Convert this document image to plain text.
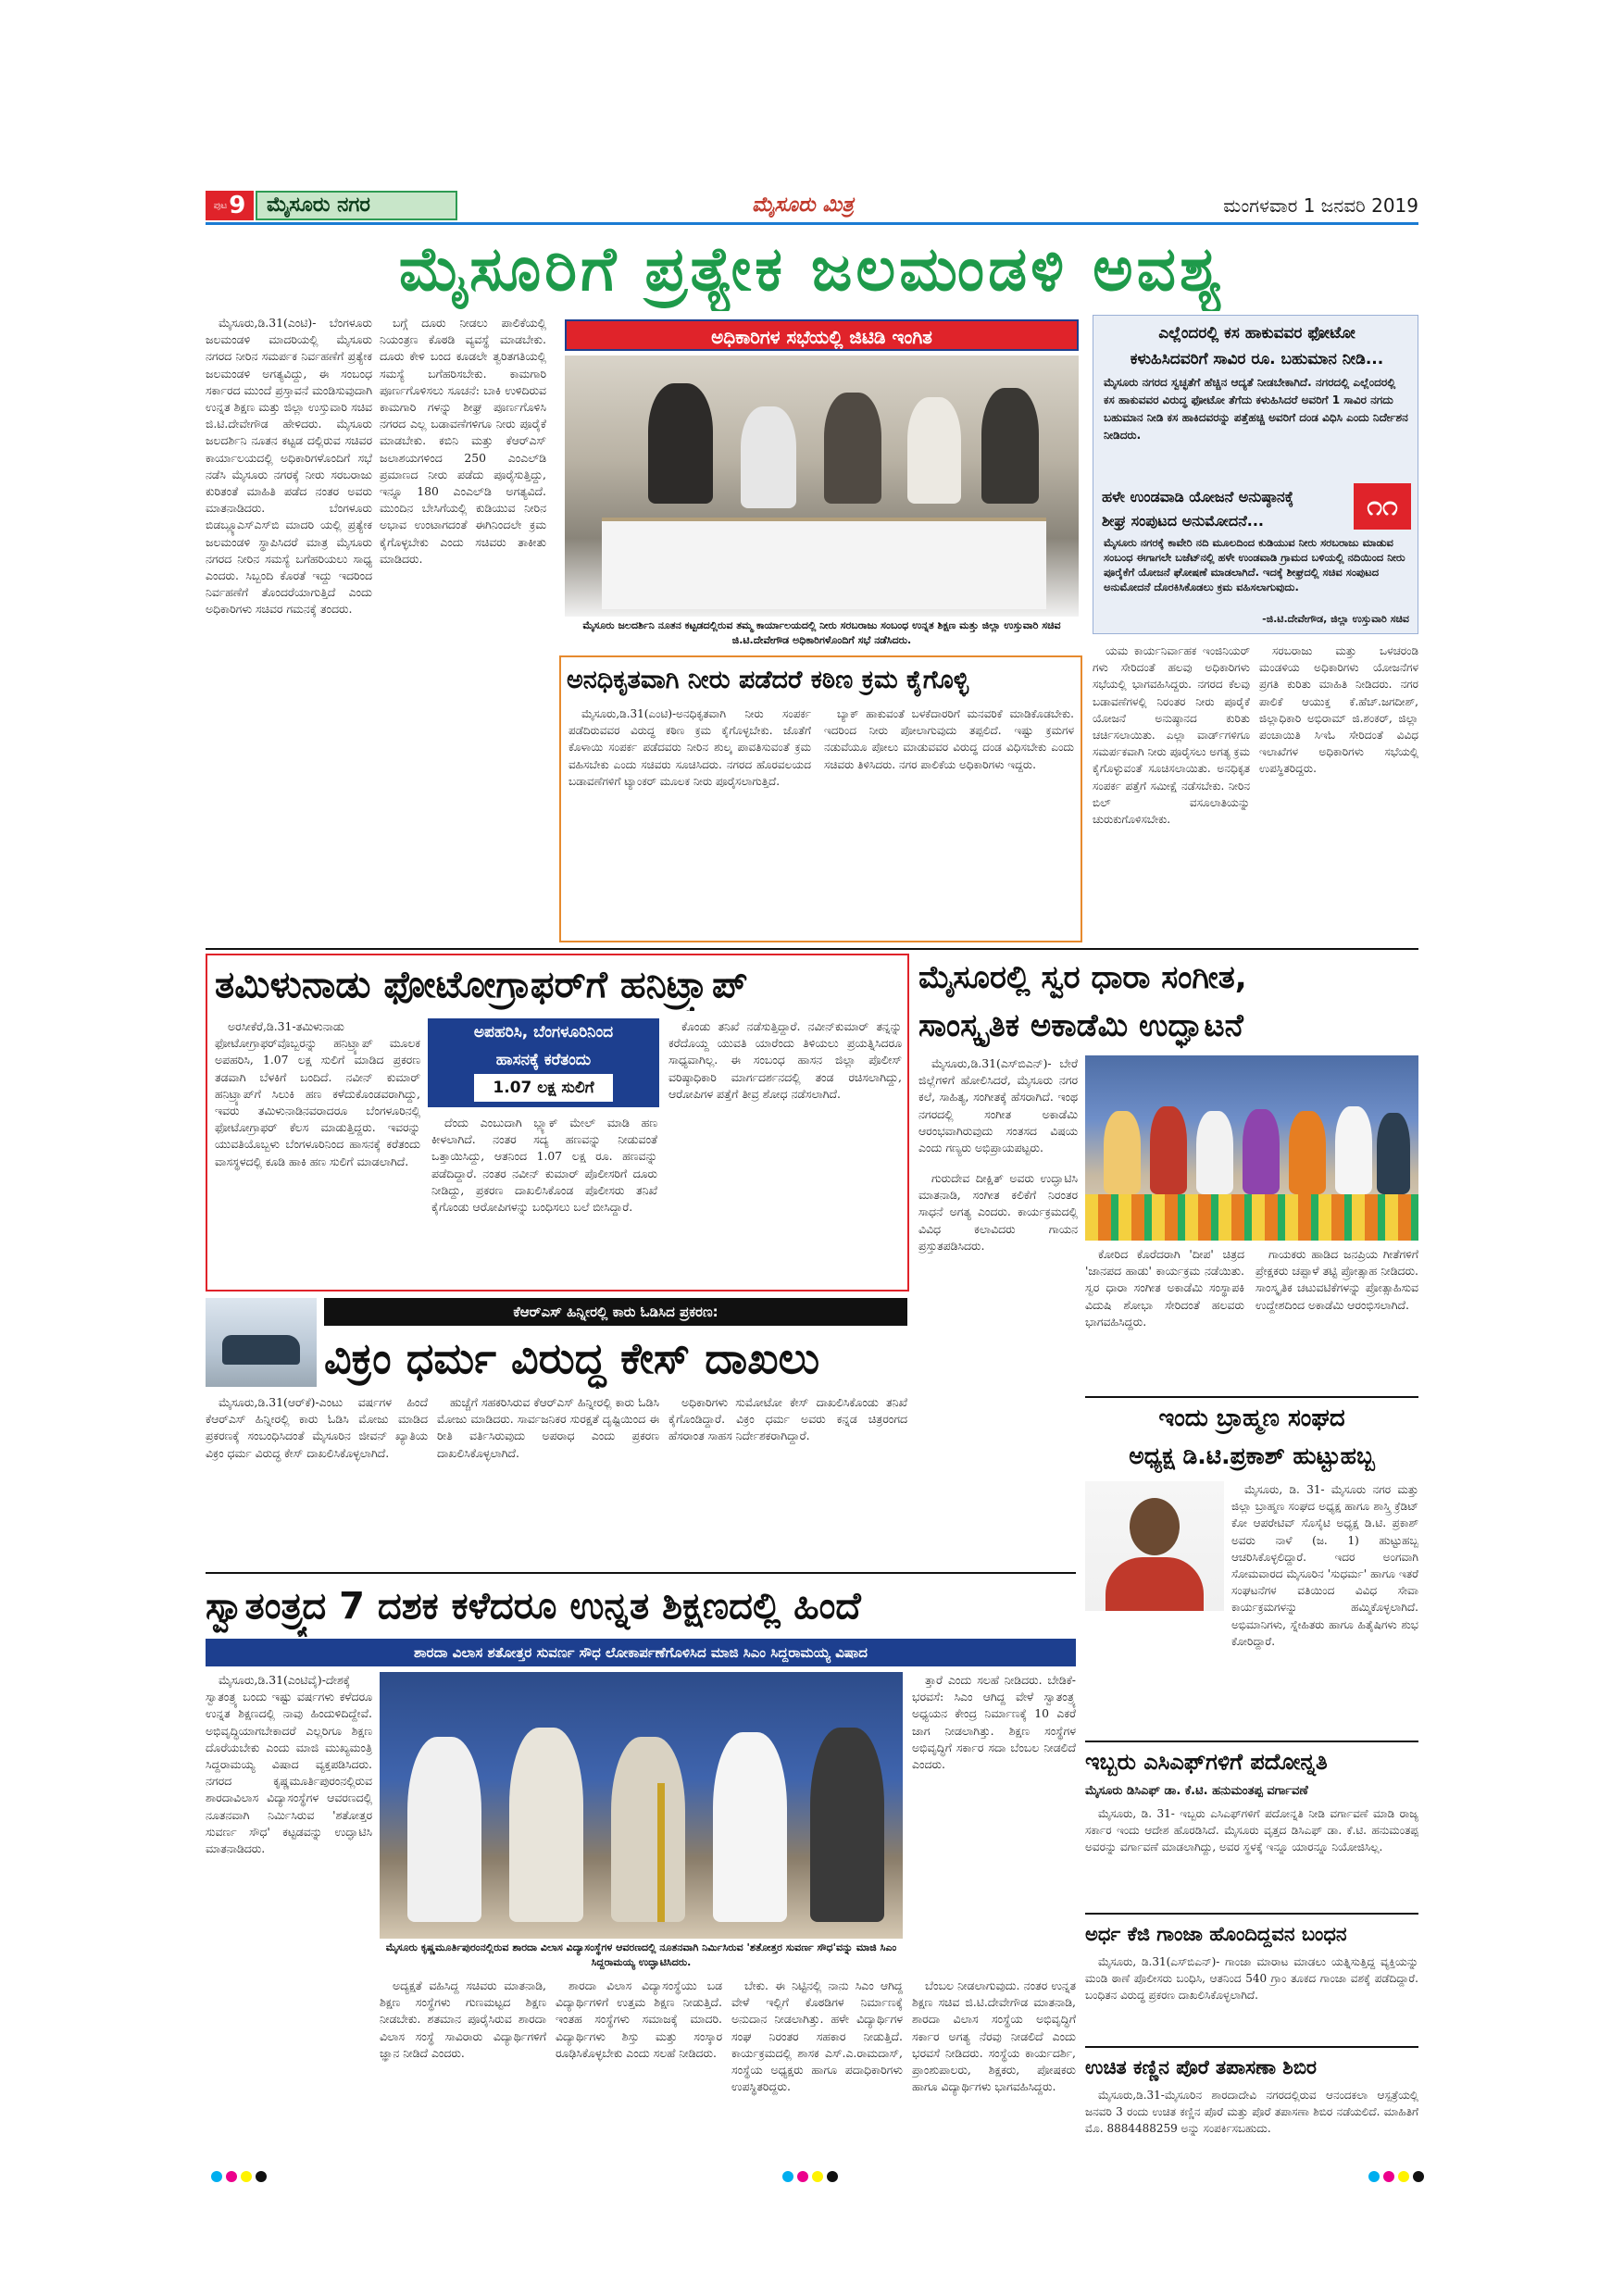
ಪುಟ 9	ಮೈಸೂರು ನಗರ	ಮೈಸೂರು ಮಿತ್ರ	ಮಂಗಳವಾರ 1 ಜನವರಿ 2019
ಮೈಸೂರಿಗೆ ಪ್ರತ್ಯೇಕ ಜಲಮಂಡಳಿ ಅವಶ್ಯ

ಮೈಸೂರು,ಡಿ.31(ಎಂಟಿ)- ಬೆಂಗಳೂರು ಜಲಮಂಡಳಿ ಮಾದರಿಯಲ್ಲಿ ಮೈಸೂರು ನಗರದ ನೀರಿನ ಸಮರ್ಪಕ ನಿರ್ವಹಣೆಗೆ ಪ್ರತ್ಯೇಕ ಜಲಮಂಡಳಿ ಅಗತ್ಯವಿದ್ದು, ಈ ಸಂಬಂಧ ಸರ್ಕಾರದ ಮುಂದೆ ಪ್ರಸ್ತಾವನೆ ಮಂಡಿಸುವುದಾಗಿ ಉನ್ನತ ಶಿಕ್ಷಣ ಮತ್ತು ಜಿಲ್ಲಾ ಉಸ್ತುವಾರಿ ಸಚಿವ ಜಿ.ಟಿ.ದೇವೇಗೌಡ ಹೇಳಿದರು. ಮೈಸೂರು ಜಲದರ್ಶಿನಿ ನೂತನ ಕಟ್ಟಡ ದಲ್ಲಿರುವ ಸಚಿವರ ಕಾರ್ಯಾಲಯದಲ್ಲಿ ಅಧಿಕಾರಿಗಳೊಂದಿಗೆ ಸಭೆ ನಡೆಸಿ ಮೈಸೂರು ನಗರಕ್ಕೆ ನೀರು ಸರಬರಾಜು ಕುರಿತಂತೆ ಮಾಹಿತಿ ಪಡೆದ ನಂತರ ಅವರು ಮಾತನಾಡಿದರು. ಬೆಂಗಳೂರು ಬಿಡಬ್ಲ್ಯೂಎಸ್ಎಸ್‌ಬಿ ಮಾದರಿ ಯಲ್ಲಿ ಪ್ರತ್ಯೇಕ ಜಲಮಂಡಳಿ ಸ್ಥಾಪಿಸಿದರೆ ಮಾತ್ರ ಮೈಸೂರು ನಗರದ ನೀರಿನ ಸಮಸ್ಯೆ ಬಗೆಹರಿಯಲು ಸಾಧ್ಯ ಎಂದರು. ಸಿಬ್ಬಂದಿ ಕೊರತೆ ಇದ್ದು ಇದರಿಂದ ನಿರ್ವಹಣೆಗೆ ತೊಂದರೆಯಾಗುತ್ತಿದೆ ಎಂದು ಅಧಿಕಾರಿಗಳು ಸಚಿವರ ಗಮನಕ್ಕೆ ತಂದರು.

ಬಗ್ಗೆ ದೂರು ನೀಡಲು ಪಾಲಿಕೆಯಲ್ಲಿ ನಿಯಂತ್ರಣ ಕೊಠಡಿ ವ್ಯವಸ್ಥೆ ಮಾಡಬೇಕು. ದೂರು ಕೇಳಿ ಬಂದ ಕೂಡಲೇ ತ್ವರಿತಗತಿಯಲ್ಲಿ ಸಮಸ್ಯೆ ಬಗೆಹರಿಸಬೇಕು. ಕಾಮಗಾರಿ ಪೂರ್ಣಗೊಳಿಸಲು ಸೂಚನೆ: ಬಾಕಿ ಉಳಿದಿರುವ ಕಾಮಗಾರಿ ಗಳನ್ನು ಶೀಘ್ರ ಪೂರ್ಣಗೊಳಿಸಿ ನಗರದ ಎಲ್ಲ ಬಡಾವಣೆಗಳಿಗೂ ನೀರು ಪೂರೈಕೆ ಮಾಡಬೇಕು. ಕಬಿನಿ ಮತ್ತು ಕೆಆರ್‌ಎಸ್‌ ಜಲಾಶಯಗಳಿಂದ 250 ಎಂಎಲ್‌ಡಿ ಪ್ರಮಾಣದ ನೀರು ಪಡೆದು ಪೂರೈಸುತ್ತಿದ್ದು, ಇನ್ನೂ 180 ಎಂಎಲ್‌ಡಿ ಅಗತ್ಯವಿದೆ. ಮುಂದಿನ ಬೇಸಿಗೆಯಲ್ಲಿ ಕುಡಿಯುವ ನೀರಿನ ಅಭಾವ ಉಂಟಾಗದಂತೆ ಈಗಿನಿಂದಲೇ ಕ್ರಮ ಕೈಗೊಳ್ಳಬೇಕು ಎಂದು ಸಚಿವರು ತಾಕೀತು ಮಾಡಿದರು.

ಅಧಿಕಾರಿಗಳ ಸಭೆಯಲ್ಲಿ ಜಿಟಿಡಿ ಇಂಗಿತ
ಮೈಸೂರು ಜಲದರ್ಶಿನಿ ನೂತನ ಕಟ್ಟಡದಲ್ಲಿರುವ ತಮ್ಮ ಕಾರ್ಯಾಲಯದಲ್ಲಿ ನೀರು ಸರಬರಾಜು ಸಂಬಂಧ ಉನ್ನತ ಶಿಕ್ಷಣ ಮತ್ತು ಜಿಲ್ಲಾ ಉಸ್ತುವಾರಿ ಸಚಿವ ಜಿ.ಟಿ.ದೇವೇಗೌಡ ಅಧಿಕಾರಿಗಳೊಂದಿಗೆ ಸಭೆ ನಡೆಸಿದರು.
ಅನಧಿಕೃತವಾಗಿ ನೀರು ಪಡೆದರೆ ಕಠಿಣ ಕ್ರಮ ಕೈಗೊಳ್ಳಿ

ಮೈಸೂರು,ಡಿ.31(ಎಂಟಿ)-ಅನಧಿಕೃತವಾಗಿ ನೀರು ಸಂಪರ್ಕ ಪಡೆದಿರುವವರ ವಿರುದ್ಧ ಕಠಿಣ ಕ್ರಮ ಕೈಗೊಳ್ಳಬೇಕು. ಜೊತೆಗೆ ಕೊಳಾಯಿ ಸಂಪರ್ಕ ಪಡೆದವರು ನೀರಿನ ಶುಲ್ಕ ಪಾವತಿಸುವಂತೆ ಕ್ರಮ ವಹಿಸಬೇಕು ಎಂದು ಸಚಿವರು ಸೂಚಿಸಿದರು. ನಗರದ ಹೊರವಲಯದ ಬಡಾವಣೆಗಳಿಗೆ ಟ್ಯಾಂಕರ್ ಮೂಲಕ ನೀರು ಪೂರೈಸಲಾಗುತ್ತಿದೆ.

ಬ್ಯಾಕ್ ಹಾಕುವಂತೆ ಬಳಕೆದಾರರಿಗೆ ಮನವರಿಕೆ ಮಾಡಿಕೊಡಬೇಕು. ಇದರಿಂದ ನೀರು ಪೋಲಾಗುವುದು ತಪ್ಪಲಿದೆ. ಇಷ್ಟು ಕ್ರಮಗಳ ನಡುವೆಯೂ ಪೋಲು ಮಾಡುವವರ ವಿರುದ್ಧ ದಂಡ ವಿಧಿಸಬೇಕು ಎಂದು ಸಚಿವರು ತಿಳಿಸಿದರು. ನಗರ ಪಾಲಿಕೆಯ ಅಧಿಕಾರಿಗಳು ಇದ್ದರು.

ಎಲ್ಲೆಂದರಲ್ಲಿ ಕಸ ಹಾಕುವವರ ಫೋಟೋ
ಕಳುಹಿಸಿದವರಿಗೆ ಸಾವಿರ ರೂ. ಬಹುಮಾನ ನೀಡಿ...
ಮೈಸೂರು ನಗರದ ಸ್ವಚ್ಛತೆಗೆ ಹೆಚ್ಚಿನ ಆದ್ಯತೆ ನೀಡಬೇಕಾಗಿದೆ. ನಗರದಲ್ಲಿ ಎಲ್ಲೆಂದರಲ್ಲಿ ಕಸ ಹಾಕುವವರ ವಿರುದ್ಧ ಫೋಟೋ ತೆಗೆದು ಕಳುಹಿಸಿದರೆ ಅವರಿಗೆ 1 ಸಾವಿರ ನಗದು ಬಹುಮಾನ ನೀಡಿ ಕಸ ಹಾಕಿದವರನ್ನು ಪತ್ತೆಹಚ್ಚಿ ಅವರಿಗೆ ದಂಡ ವಿಧಿಸಿ ಎಂದು ನಿರ್ದೇಶನ ನೀಡಿದರು.
ಹಳೇ ಉಂಡವಾಡಿ ಯೋಜನೆ ಅನುಷ್ಠಾನಕ್ಕೆ
ಶೀಘ್ರ ಸಂಪುಟದ ಅನುಮೋದನೆ...	೧೧
ಮೈಸೂರು ನಗರಕ್ಕೆ ಕಾವೇರಿ ನದಿ ಮೂಲದಿಂದ ಕುಡಿಯುವ ನೀರು ಸರಬರಾಜು ಮಾಡುವ ಸಂಬಂಧ ಈಗಾಗಲೇ ಬಜೆಟ್‌ನಲ್ಲಿ ಹಳೇ ಉಂಡವಾಡಿ ಗ್ರಾಮದ ಬಳಿಯಲ್ಲಿ ನದಿಯಿಂದ ನೀರು ಪೂರೈಕೆಗೆ ಯೋಜನೆ ಘೋಷಣೆ ಮಾಡಲಾಗಿದೆ. ಇದಕ್ಕೆ ಶೀಘ್ರದಲ್ಲಿ ಸಚಿವ ಸಂಪುಟದ ಅನುಮೋದನೆ ದೊರಕಿಸಿಕೊಡಲು ಕ್ರಮ ವಹಿಸಲಾಗುವುದು.
-ಜಿ.ಟಿ.ದೇವೇಗೌಡ, ಜಿಲ್ಲಾ ಉಸ್ತುವಾರಿ ಸಚಿವ

ಯಮ ಕಾರ್ಯನಿರ್ವಾಹಕ ಇಂಜಿನಿಯರ್ ಗಳು ಸೇರಿದಂತೆ ಹಲವು ಅಧಿಕಾರಿಗಳು ಸಭೆಯಲ್ಲಿ ಭಾಗವಹಿಸಿದ್ದರು. ನಗರದ ಕೆಲವು ಬಡಾವಣೆಗಳಲ್ಲಿ ನಿರಂತರ ನೀರು ಪೂರೈಕೆ ಯೋಜನೆ ಅನುಷ್ಠಾನದ ಕುರಿತು ಚರ್ಚಿಸಲಾಯಿತು. ಎಲ್ಲಾ ವಾರ್ಡ್‌ಗಳಿಗೂ ಸಮರ್ಪಕವಾಗಿ ನೀರು ಪೂರೈಸಲು ಅಗತ್ಯ ಕ್ರಮ ಕೈಗೊಳ್ಳುವಂತೆ ಸೂಚಿಸಲಾಯಿತು. ಅನಧಿಕೃತ ಸಂಪರ್ಕ ಪತ್ತೆಗೆ ಸಮೀಕ್ಷೆ ನಡೆಸಬೇಕು. ನೀರಿನ ಬಿಲ್ ವಸೂಲಾತಿಯನ್ನು ಚುರುಕುಗೊಳಿಸಬೇಕು.

ಸರಬರಾಜು ಮತ್ತು ಒಳಚರಂಡಿ ಮಂಡಳಿಯ ಅಧಿಕಾರಿಗಳು ಯೋಜನೆಗಳ ಪ್ರಗತಿ ಕುರಿತು ಮಾಹಿತಿ ನೀಡಿದರು. ನಗರ ಪಾಲಿಕೆ ಆಯುಕ್ತ ಕೆ.ಹೆಚ್.ಜಗದೀಶ್, ಜಿಲ್ಲಾಧಿಕಾರಿ ಅಭಿರಾಮ್ ಜಿ.ಶಂಕರ್, ಜಿಲ್ಲಾ ಪಂಚಾಯಿತಿ ಸಿಇಓ ಸೇರಿದಂತೆ ವಿವಿಧ ಇಲಾಖೆಗಳ ಅಧಿಕಾರಿಗಳು ಸಭೆಯಲ್ಲಿ ಉಪಸ್ಥಿತರಿದ್ದರು.

ತಮಿಳುನಾಡು ಫೋಟೋಗ್ರಾಫರ್‌ಗೆ ಹನಿಟ್ರ್ಯಾಪ್
ಅಪಹರಿಸಿ, ಬೆಂಗಳೂರಿನಿಂದ
ಹಾಸನಕ್ಕೆ ಕರೆತಂದು
1.07 ಲಕ್ಷ ಸುಲಿಗೆ

ಅರಸೀಕೆರೆ,ಡಿ.31-ತಮಿಳುನಾಡು ಫೋಟೋಗ್ರಾಫರ್‌ವೊಬ್ಬರನ್ನು ಹನಿಟ್ರ್ಯಾಪ್ ಮೂಲಕ ಅಪಹರಿಸಿ, 1.07 ಲಕ್ಷ ಸುಲಿಗೆ ಮಾಡಿದ ಪ್ರಕರಣ ತಡವಾಗಿ ಬೆಳಕಿಗೆ ಬಂದಿದೆ. ನವೀನ್ ಕುಮಾರ್ ಹನಿಟ್ರ್ಯಾಪ್‌ಗೆ ಸಿಲುಕಿ ಹಣ ಕಳೆದುಕೊಂಡವರಾಗಿದ್ದು, ಇವರು ತಮಿಳುನಾಡಿನವರಾದರೂ ಬೆಂಗಳೂರಿನಲ್ಲಿ ಫೋಟೋಗ್ರಾಫರ್ ಕೆಲಸ ಮಾಡುತ್ತಿದ್ದರು. ಇವರನ್ನು ಯುವತಿಯೊಬ್ಬಳು ಬೆಂಗಳೂರಿನಿಂದ ಹಾಸನಕ್ಕೆ ಕರೆತಂದು ವಾಸಸ್ಥಳದಲ್ಲಿ ಕೂಡಿ ಹಾಕಿ ಹಣ ಸುಲಿಗೆ ಮಾಡಲಾಗಿದೆ.

ದೆಂದು ಎಂಬುದಾಗಿ ಬ್ಲ್ಯಾಕ್ ಮೇಲ್ ಮಾಡಿ ಹಣ ಕೀಳಲಾಗಿದೆ. ನಂತರ ಸದ್ಯ ಹಣವನ್ನು ನೀಡುವಂತೆ ಒತ್ತಾಯಿಸಿದ್ದು, ಆತನಿಂದ 1.07 ಲಕ್ಷ ರೂ. ಹಣವನ್ನು ಪಡೆದಿದ್ದಾರೆ. ನಂತರ ನವೀನ್ ಕುಮಾರ್ ಪೊಲೀಸರಿಗೆ ದೂರು ನೀಡಿದ್ದು, ಪ್ರಕರಣ ದಾಖಲಿಸಿಕೊಂಡ ಪೊಲೀಸರು ತನಿಖೆ ಕೈಗೊಂಡು ಆರೋಪಿಗಳನ್ನು ಬಂಧಿಸಲು ಬಲೆ ಬೀಸಿದ್ದಾರೆ.

ಕೊಂಡು ತನಿಖೆ ನಡೆಸುತ್ತಿದ್ದಾರೆ. ನವೀನ್‌ಕುಮಾರ್ ತನ್ನನ್ನು ಕರೆದೊಯ್ದ ಯುವತಿ ಯಾರೆಂದು ತಿಳಿಯಲು ಪ್ರಯತ್ನಿಸಿದರೂ ಸಾಧ್ಯವಾಗಿಲ್ಲ. ಈ ಸಂಬಂಧ ಹಾಸನ ಜಿಲ್ಲಾ ಪೊಲೀಸ್ ವರಿಷ್ಠಾಧಿಕಾರಿ ಮಾರ್ಗದರ್ಶನದಲ್ಲಿ ತಂಡ ರಚಿಸಲಾಗಿದ್ದು, ಆರೋಪಿಗಳ ಪತ್ತೆಗೆ ತೀವ್ರ ಶೋಧ ನಡೆಸಲಾಗಿದೆ.

ಮೈಸೂರಲ್ಲಿ ಸ್ವರ ಧಾರಾ ಸಂಗೀತ,
ಸಾಂಸ್ಕೃತಿಕ ಅಕಾಡೆಮಿ ಉದ್ಘಾಟನೆ

ಮೈಸೂರು,ಡಿ.31(ಎಸ್‌ಬಿಎನ್)- ಬೇರೆ ಜಿಲ್ಲೆಗಳಿಗೆ ಹೋಲಿಸಿದರೆ, ಮೈಸೂರು ನಗರ ಕಲೆ, ಸಾಹಿತ್ಯ, ಸಂಗೀತಕ್ಕೆ ಹೆಸರಾಗಿದೆ. ಇಂಥ ನಗರದಲ್ಲಿ ಸಂಗೀತ ಅಕಾಡೆಮಿ ಆರಂಭವಾಗಿರುವುದು ಸಂತಸದ ವಿಷಯ ಎಂದು ಗಣ್ಯರು ಅಭಿಪ್ರಾಯಪಟ್ಟರು.

ಗುರುದೇವ ದೀಕ್ಷಿತ್ ಅವರು ಉದ್ಘಾಟಿಸಿ ಮಾತನಾಡಿ, ಸಂಗೀತ ಕಲಿಕೆಗೆ ನಿರಂತರ ಸಾಧನೆ ಅಗತ್ಯ ಎಂದರು. ಕಾರ್ಯಕ್ರಮದಲ್ಲಿ ವಿವಿಧ ಕಲಾವಿದರು ಗಾಯನ ಪ್ರಸ್ತುತಪಡಿಸಿದರು.

ಕೋರಿದ ಕೊರೆದರಾಗಿ 'ದೀಪ' ಚಿತ್ರದ 'ಜಾನಪದ ಹಾಡು' ಕಾರ್ಯಕ್ರಮ ನಡೆಯಿತು. ಸ್ವರ ಧಾರಾ ಸಂಗೀತ ಅಕಾಡೆಮಿ ಸಂಸ್ಥಾಪಕಿ ವಿದುಷಿ ಶೋಭಾ ಸೇರಿದಂತೆ ಹಲವರು ಭಾಗವಹಿಸಿದ್ದರು.

ಗಾಯಕರು ಹಾಡಿದ ಜನಪ್ರಿಯ ಗೀತೆಗಳಿಗೆ ಪ್ರೇಕ್ಷಕರು ಚಪ್ಪಾಳೆ ತಟ್ಟಿ ಪ್ರೋತ್ಸಾಹ ನೀಡಿದರು. ಸಾಂಸ್ಕೃತಿಕ ಚಟುವಟಿಕೆಗಳನ್ನು ಪ್ರೋತ್ಸಾಹಿಸುವ ಉದ್ದೇಶದಿಂದ ಅಕಾಡೆಮಿ ಆರಂಭಿಸಲಾಗಿದೆ.

ಕೆಆರ್‌ಎಸ್ ಹಿನ್ನೀರಲ್ಲಿ ಕಾರು ಓಡಿಸಿದ ಪ್ರಕರಣ:
ವಿಕ್ರಂ ಧರ್ಮ ವಿರುದ್ಧ ಕೇಸ್ ದಾಖಲು

ಮೈಸೂರು,ಡಿ.31(ಆರ್‌ಕೆ)-ಎಂಟು ವರ್ಷಗಳ ಹಿಂದೆ ಕೆಆರ್‌ಎಸ್ ಹಿನ್ನೀರಲ್ಲಿ ಕಾರು ಓಡಿಸಿ ಮೋಜು ಮಾಡಿದ ಪ್ರಕರಣಕ್ಕೆ ಸಂಬಂಧಿಸಿದಂತೆ ಮೈಸೂರಿನ ಜೀವನ್ ಖ್ಯಾತಿಯ ವಿಕ್ರಂ ಧರ್ಮ ವಿರುದ್ಧ ಕೇಸ್ ದಾಖಲಿಸಿಕೊಳ್ಳಲಾಗಿದೆ.

ಹುಚ್ಚೆಗೆ ಸಹಕರಿಸಿರುವ ಕೆಆರ್‌ಎಸ್ ಹಿನ್ನೀರಲ್ಲಿ ಕಾರು ಓಡಿಸಿ ಮೋಜು ಮಾಡಿದರು. ಸಾರ್ವಜನಿಕರ ಸುರಕ್ಷತೆ ದೃಷ್ಟಿಯಿಂದ ಈ ರೀತಿ ವರ್ತಿಸಿರುವುದು ಅಪರಾಧ ಎಂದು ಪ್ರಕರಣ ದಾಖಲಿಸಿಕೊಳ್ಳಲಾಗಿದೆ.

ಅಧಿಕಾರಿಗಳು ಸುಮೋಟೋ ಕೇಸ್ ದಾಖಲಿಸಿಕೊಂಡು ತನಿಖೆ ಕೈಗೊಂಡಿದ್ದಾರೆ. ವಿಕ್ರಂ ಧರ್ಮ ಅವರು ಕನ್ನಡ ಚಿತ್ರರಂಗದ ಹೆಸರಾಂತ ಸಾಹಸ ನಿರ್ದೇಶಕರಾಗಿದ್ದಾರೆ.

ಇಂದು ಬ್ರಾಹ್ಮಣ ಸಂಘದ
ಅಧ್ಯಕ್ಷ ಡಿ.ಟಿ.ಪ್ರಕಾಶ್ ಹುಟ್ಟುಹಬ್ಬ

ಮೈಸೂರು, ಡಿ. 31- ಮೈಸೂರು ನಗರ ಮತ್ತು ಜಿಲ್ಲಾ ಬ್ರಾಹ್ಮಣ ಸಂಘದ ಅಧ್ಯಕ್ಷ ಹಾಗೂ ಶಾಸ್ತ್ರಿ ಕ್ರೆಡಿಟ್ ಕೋ ಆಪರೇಟಿವ್ ಸೊಸೈಟಿ ಅಧ್ಯಕ್ಷ ಡಿ.ಟಿ. ಪ್ರಕಾಶ್ ಅವರು ನಾಳೆ (ಜ. 1) ಹುಟ್ಟುಹಬ್ಬ ಆಚರಿಸಿಕೊಳ್ಳಲಿದ್ದಾರೆ. ಇದರ ಅಂಗವಾಗಿ ಸೋಮವಾರದ ಮೈಸೂರಿನ 'ಸುಧರ್ಮ' ಹಾಗೂ ಇತರೆ ಸಂಘಟನೆಗಳ ವತಿಯಿಂದ ವಿವಿಧ ಸೇವಾ ಕಾರ್ಯಕ್ರಮಗಳನ್ನು ಹಮ್ಮಿಕೊಳ್ಳಲಾಗಿದೆ. ಅಭಿಮಾನಿಗಳು, ಸ್ನೇಹಿತರು ಹಾಗೂ ಹಿತೈಷಿಗಳು ಶುಭ ಕೋರಿದ್ದಾರೆ.

ಸ್ವಾತಂತ್ರ್ಯದ 7 ದಶಕ ಕಳೆದರೂ ಉನ್ನತ ಶಿಕ್ಷಣದಲ್ಲಿ ಹಿಂದೆ
ಶಾರದಾ ವಿಲಾಸ ಶತೋತ್ತರ ಸುವರ್ಣ ಸೌಧ ಲೋಕಾರ್ಪಣೆಗೊಳಿಸಿದ ಮಾಜಿ ಸಿಎಂ ಸಿದ್ದರಾಮಯ್ಯ ವಿಷಾದ

ಮೈಸೂರು,ಡಿ.31(ಎಂಟಿವೈ)-ದೇಶಕ್ಕೆ ಸ್ವಾತಂತ್ರ್ಯ ಬಂದು ಇಷ್ಟು ವರ್ಷಗಳು ಕಳೆದರೂ ಉನ್ನತ ಶಿಕ್ಷಣದಲ್ಲಿ ನಾವು ಹಿಂದುಳಿದಿದ್ದೇವೆ. ಅಭಿವೃದ್ಧಿಯಾಗಬೇಕಾದರೆ ಎಲ್ಲರಿಗೂ ಶಿಕ್ಷಣ ದೊರೆಯಬೇಕು ಎಂದು ಮಾಜಿ ಮುಖ್ಯಮಂತ್ರಿ ಸಿದ್ದರಾಮಯ್ಯ ವಿಷಾದ ವ್ಯಕ್ತಪಡಿಸಿದರು. ನಗರದ ಕೃಷ್ಣಮೂರ್ತಿಪುರಂನಲ್ಲಿರುವ ಶಾರದಾವಿಲಾಸ ವಿದ್ಯಾಸಂಸ್ಥೆಗಳ ಆವರಣದಲ್ಲಿ ನೂತನವಾಗಿ ನಿರ್ಮಿಸಿರುವ 'ಶತೋತ್ತರ ಸುವರ್ಣ ಸೌಧ' ಕಟ್ಟಡವನ್ನು ಉದ್ಘಾಟಿಸಿ ಮಾತನಾಡಿದರು.

ಮೈಸೂರು ಕೃಷ್ಣಮೂರ್ತಿಪುರಂನಲ್ಲಿರುವ ಶಾರದಾ ವಿಲಾಸ ವಿದ್ಯಾಸಂಸ್ಥೆಗಳ ಆವರಣದಲ್ಲಿ ನೂತನವಾಗಿ ನಿರ್ಮಿಸಿರುವ 'ಶತೋತ್ತರ ಸುವರ್ಣ ಸೌಧ'ವನ್ನು ಮಾಜಿ ಸಿಎಂ ಸಿದ್ದರಾಮಯ್ಯ ಉದ್ಘಾಟಿಸಿದರು.

ತ್ತಾರೆ ಎಂದು ಸಲಹೆ ನೀಡಿದರು. ಬೇಡಿಕೆ-ಭರವಸೆ: ಸಿಎಂ ಆಗಿದ್ದ ವೇಳೆ ಸ್ವಾತಂತ್ರ್ಯ ಅಧ್ಯಯನ ಕೇಂದ್ರ ನಿರ್ಮಾಣಕ್ಕೆ 10 ಎಕರೆ ಜಾಗ ನೀಡಲಾಗಿತ್ತು. ಶಿಕ್ಷಣ ಸಂಸ್ಥೆಗಳ ಅಭಿವೃದ್ಧಿಗೆ ಸರ್ಕಾರ ಸದಾ ಬೆಂಬಲ ನೀಡಲಿದೆ ಎಂದರು.

ಅದ್ಯಕ್ಷತೆ ವಹಿಸಿದ್ದ ಸಚಿವರು ಮಾತನಾಡಿ, ಶಿಕ್ಷಣ ಸಂಸ್ಥೆಗಳು ಗುಣಮಟ್ಟದ ಶಿಕ್ಷಣ ನೀಡಬೇಕು. ಶತಮಾನ ಪೂರೈಸಿರುವ ಶಾರದಾ ವಿಲಾಸ ಸಂಸ್ಥೆ ಸಾವಿರಾರು ವಿದ್ಯಾರ್ಥಿಗಳಿಗೆ ಜ್ಞಾನ ನೀಡಿದೆ ಎಂದರು.

ಶಾರದಾ ವಿಲಾಸ ವಿದ್ಯಾಸಂಸ್ಥೆಯು ಬಡ ವಿದ್ಯಾರ್ಥಿಗಳಿಗೆ ಉತ್ತಮ ಶಿಕ್ಷಣ ನೀಡುತ್ತಿದೆ. ಇಂತಹ ಸಂಸ್ಥೆಗಳು ಸಮಾಜಕ್ಕೆ ಮಾದರಿ. ವಿದ್ಯಾರ್ಥಿಗಳು ಶಿಸ್ತು ಮತ್ತು ಸಂಸ್ಕಾರ ರೂಢಿಸಿಕೊಳ್ಳಬೇಕು ಎಂದು ಸಲಹೆ ನೀಡಿದರು.

ಬೇಕು. ಈ ನಿಟ್ಟಿನಲ್ಲಿ ನಾನು ಸಿಎಂ ಆಗಿದ್ದ ವೇಳೆ ಇಲ್ಲಿಗೆ ಕೊಠಡಿಗಳ ನಿರ್ಮಾಣಕ್ಕೆ ಅನುದಾನ ನೀಡಲಾಗಿತ್ತು. ಹಳೇ ವಿದ್ಯಾರ್ಥಿಗಳ ಸಂಘ ನಿರಂತರ ಸಹಕಾರ ನೀಡುತ್ತಿದೆ. ಕಾರ್ಯಕ್ರಮದಲ್ಲಿ ಶಾಸಕ ಎಸ್.ಎ.ರಾಮದಾಸ್, ಸಂಸ್ಥೆಯ ಅಧ್ಯಕ್ಷರು ಹಾಗೂ ಪದಾಧಿಕಾರಿಗಳು ಉಪಸ್ಥಿತರಿದ್ದರು.

ಬೆಂಬಲ ನೀಡಲಾಗುವುದು. ನಂತರ ಉನ್ನತ ಶಿಕ್ಷಣ ಸಚಿವ ಜಿ.ಟಿ.ದೇವೇಗೌಡ ಮಾತನಾಡಿ, ಶಾರದಾ ವಿಲಾಸ ಸಂಸ್ಥೆಯ ಅಭಿವೃದ್ಧಿಗೆ ಸರ್ಕಾರ ಅಗತ್ಯ ನೆರವು ನೀಡಲಿದೆ ಎಂದು ಭರವಸೆ ನೀಡಿದರು. ಸಂಸ್ಥೆಯ ಕಾರ್ಯದರ್ಶಿ, ಪ್ರಾಂಶುಪಾಲರು, ಶಿಕ್ಷಕರು, ಪೋಷಕರು ಹಾಗೂ ವಿದ್ಯಾರ್ಥಿಗಳು ಭಾಗವಹಿಸಿದ್ದರು.

ಇಬ್ಬರು ಎಸಿಎಫ್‌ಗಳಿಗೆ ಪದೋನ್ನತಿ
ಮೈಸೂರು ಡಿಸಿಎಫ್ ಡಾ. ಕೆ.ಟಿ. ಹನುಮಂತಪ್ಪ ವರ್ಗಾವಣೆ

ಮೈಸೂರು, ಡಿ. 31- ಇಬ್ಬರು ಎಸಿಎಫ್‌ಗಳಿಗೆ ಪದೋನ್ನತಿ ನೀಡಿ ವರ್ಗಾವಣೆ ಮಾಡಿ ರಾಜ್ಯ ಸರ್ಕಾರ ಇಂದು ಆದೇಶ ಹೊರಡಿಸಿದೆ. ಮೈಸೂರು ವೃತ್ತದ ಡಿಸಿಎಫ್ ಡಾ. ಕೆ.ಟಿ. ಹನುಮಂತಪ್ಪ ಅವರನ್ನು ವರ್ಗಾವಣೆ ಮಾಡಲಾಗಿದ್ದು, ಅವರ ಸ್ಥಳಕ್ಕೆ ಇನ್ನೂ ಯಾರನ್ನೂ ನಿಯೋಜಿಸಿಲ್ಲ.

ಅರ್ಧ ಕೆಜಿ ಗಾಂಜಾ ಹೊಂದಿದ್ದವನ ಬಂಧನ

ಮೈಸೂರು, ಡಿ.31(ಎಸ್‌ಬಿಎನ್)- ಗಾಂಜಾ ಮಾರಾಟ ಮಾಡಲು ಯತ್ನಿಸುತ್ತಿದ್ದ ವ್ಯಕ್ತಿಯನ್ನು ಮಂಡಿ ಠಾಣೆ ಪೊಲೀಸರು ಬಂಧಿಸಿ, ಆತನಿಂದ 540 ಗ್ರಾಂ ತೂಕದ ಗಾಂಜಾ ವಶಕ್ಕೆ ಪಡೆದಿದ್ದಾರೆ. ಬಂಧಿತನ ವಿರುದ್ಧ ಪ್ರಕರಣ ದಾಖಲಿಸಿಕೊಳ್ಳಲಾಗಿದೆ.

ಉಚಿತ ಕಣ್ಣಿನ ಪೊರೆ ತಪಾಸಣಾ ಶಿಬಿರ

ಮೈಸೂರು,ಡಿ.31-ಮೈಸೂರಿನ ಶಾರದಾದೇವಿ ನಗರದಲ್ಲಿರುವ ಆನಂದಕಲಾ ಆಸ್ಪತ್ರೆಯಲ್ಲಿ ಜನವರಿ 3 ರಂದು ಉಚಿತ ಕಣ್ಣಿನ ಪೊರೆ ಮತ್ತು ಪೊರೆ ತಪಾಸಣಾ ಶಿಬಿರ ನಡೆಯಲಿದೆ. ಮಾಹಿತಿಗೆ ಮೊ. 8884488259 ಅನ್ನು ಸಂಪರ್ಕಿಸಬಹುದು.
